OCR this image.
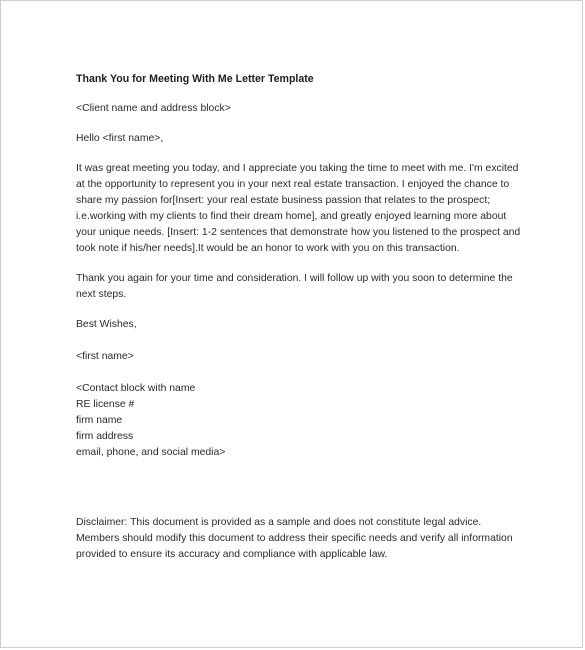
Thank You for Meeting With Me Letter Template

<Client name and address block>

Hello <first name>,

It was great meeting you today, and I appreciate you taking the time to meet with me. I'm excited at the opportunity to represent you in your next real estate transaction. I enjoyed the chance to share my passion for[Insert: your real estate business passion that relates to the prospect; i.e.working with my clients to find their dream home], and greatly enjoyed learning more about your unique needs. [Insert: 1-2 sentences that demonstrate how you listened to the prospect and took note if his/her needs].It would be an honor to work with you on this transaction.

Thank you again for your time and consideration. I will follow up with you soon to determine the next steps.

Best Wishes,

<first name>

<Contact block with name
RE license #
firm name
firm address
email, phone, and social media>

Disclaimer: This document is provided as a sample and does not constitute legal advice. Members should modify this document to address their specific needs and verify all information provided to ensure its accuracy and compliance with applicable law.
